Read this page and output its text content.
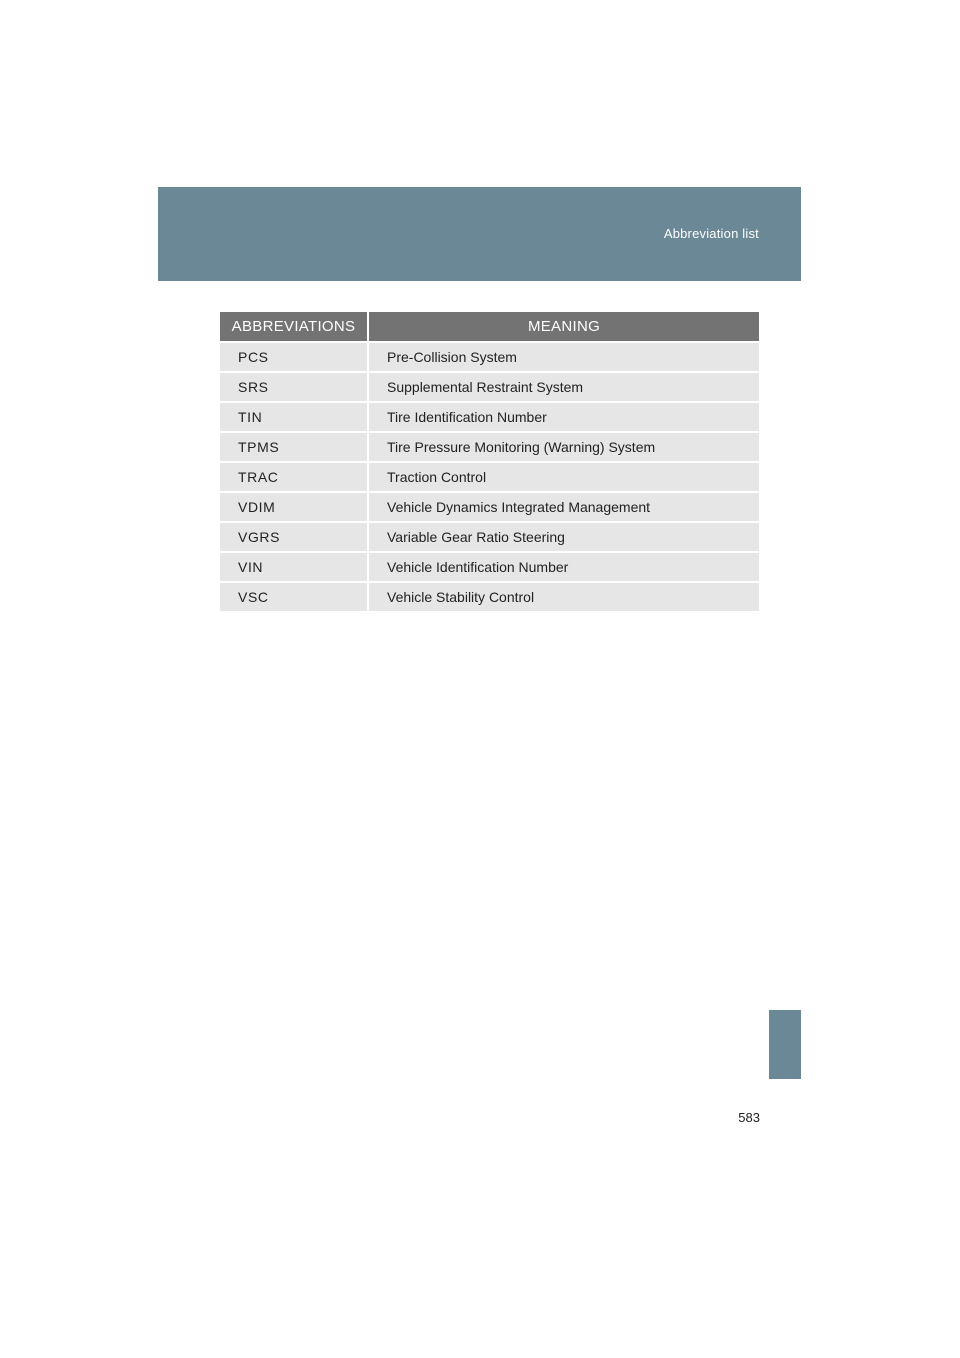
Abbreviation list
ABBREVIATIONS	MEANING
PCS	Pre-Collision System
SRS	Supplemental Restraint System
TIN	Tire Identification Number
TPMS	Tire Pressure Monitoring (Warning) System
TRAC	Traction Control
VDIM	Vehicle Dynamics Integrated Management
VGRS	Variable Gear Ratio Steering
VIN	Vehicle Identification Number
VSC	Vehicle Stability Control
583
